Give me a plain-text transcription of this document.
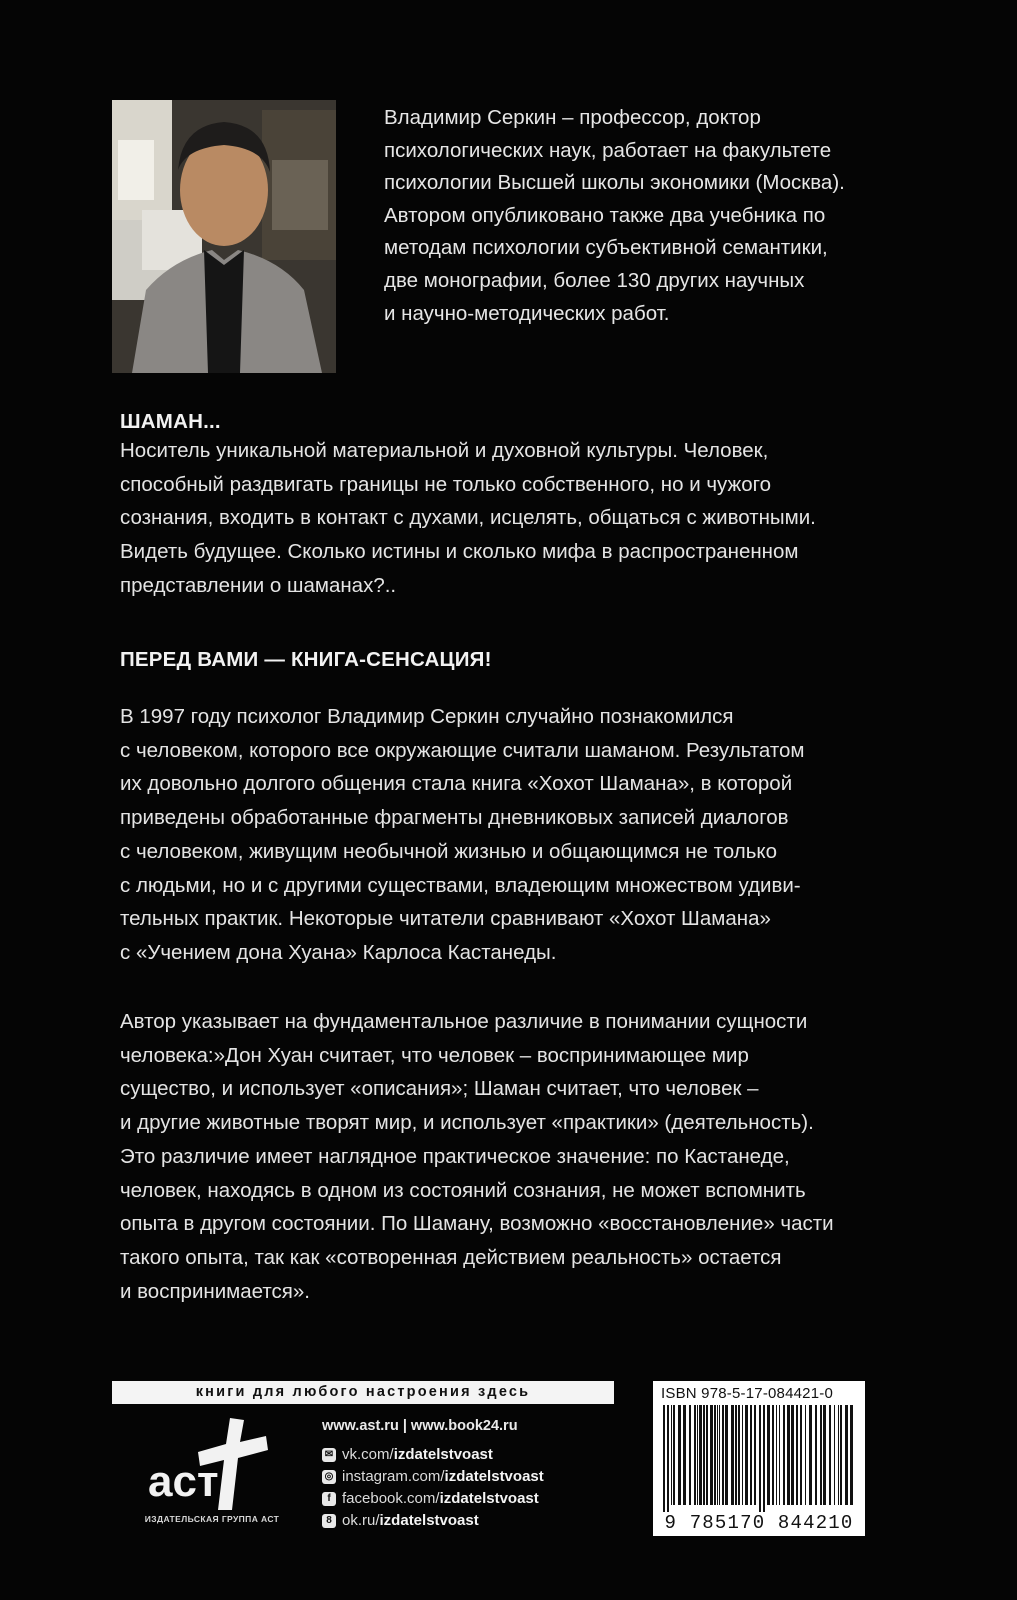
Владимир Серкин – профессор, доктор
психологических наук, работает на факультете
психологии Высшей школы экономики (Москва).
Автором опубликовано также два учебника по
методам психологии субъективной семантики,
две монографии, более 130 других научных
и научно-методических работ.
ШАМАН...
Носитель уникальной материальной и духовной культуры. Человек,
способный раздвигать границы не только собственного, но и чужого
сознания, входить в контакт с духами, исцелять, общаться с животными.
Видеть будущее. Сколько истины и сколько мифа в распространенном
представлении о шаманах?..
ПЕРЕД ВАМИ — КНИГА-СЕНСАЦИЯ!
В 1997 году психолог Владимир Серкин случайно познакомился
с человеком, которого все окружающие считали шаманом. Результатом
их довольно долгого общения стала книга «Хохот Шамана», в которой
приведены обработанные фрагменты дневниковых записей диалогов
с человеком, живущим необычной жизнью и общающимся не только
с людьми, но и с другими существами, владеющим множеством удиви-
тельных практик. Некоторые читатели сравнивают «Хохот Шамана»
с «Учением дона Хуана» Карлоса Кастанеды.
Автор указывает на фундаментальное различие в понимании сущности
человека:»Дон Хуан считает, что человек – воспринимающее мир
существо, и использует «описания»; Шаман считает, что человек –
и другие животные творят мир, и использует «практики» (деятельность).
Это различие имеет наглядное практическое значение: по Кастанеде,
человек, находясь в одном из состояний сознания, не может вспомнить
опыта в другом состоянии. По Шаману, возможно «восстановление» части
такого опыта, так как «сотворенная действием реальность» остается
и воспринимается».
книги для любого настроения здесь
аст
ИЗДАТЕЛЬСКАЯ ГРУППА АСТ
www.ast.ru | www.book24.ru
✉ vk.com/ izdatelstvoast
◎ instagram.com/ izdatelstvoast
f facebook.com/ izdatelstvoast
8 ok.ru/ izdatelstvoast
ISBN 978-5-17-084421-0
9 785170 844210
